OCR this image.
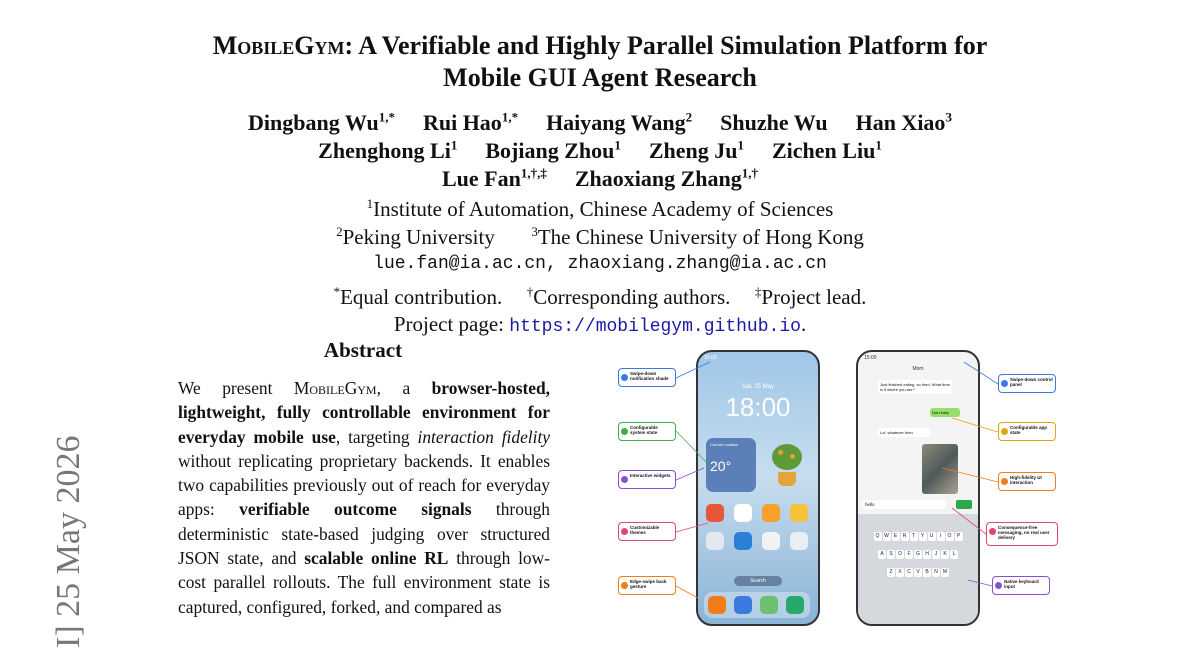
MobileGym: A Verifiable and Highly Parallel Simulation Platform for
Mobile GUI Agent Research
Dingbang $Wu^{1,*}$ Rui Hao$^{1,*}$ Haiyang Wang$^2$ Shuzhe Wu Han Xiao$^3$
Zhenghong Li$^1$ Bojiang Zhou$^1$ Zheng Ju$^1$ Zichen Liu$^1$
Lue Fan$^{1,\dagger,\ddagger}$ Zhaoxiang Zhang$^{1,\dagger}$
$^1$Institute of Automation, Chinese Academy of Sciences
$^2$Peking University	$^3$The Chinese University of Hong Kong
lue.fan@ia.ac.cn, zhaoxiang.zhang@ia.ac.cn
*Equal contribution. †Corresponding authors. ‡Project lead.
Project page: https://mobilegym.github.io.
I] 25 May 2026
Abstract
We present MobileGym, a browser-hosted, lightweight, fully controllable environment for everyday mobile use, targeting interaction fidelity without replicating proprietary backends. It enables two capabilities previously out of reach for everyday apps: verifiable outcome signals through deterministic state-based judging over structured JSON state, and scalable online RL through low-cost parallel rollouts. The full environment state is captured, configured, forked, and compared as
15:00
Sat, 25 May
18:00
Current location
20°
Search
15:00
Mom
Just finished eating, so tired. What time is it where you are?
Not really
Lol, whatever then
hello
Q W E R T Y U I O P
A S D F G H J K L
Z X C V B N M
Swipe-down notification shade
Configurable system state
Interactive widgets
Customizable themes
Edge-swipe back gesture
Swipe-down control panel
Configurable app state
High-fidelity UI interaction
Consequence-free messaging, no real user delivery
Native keyboard input
